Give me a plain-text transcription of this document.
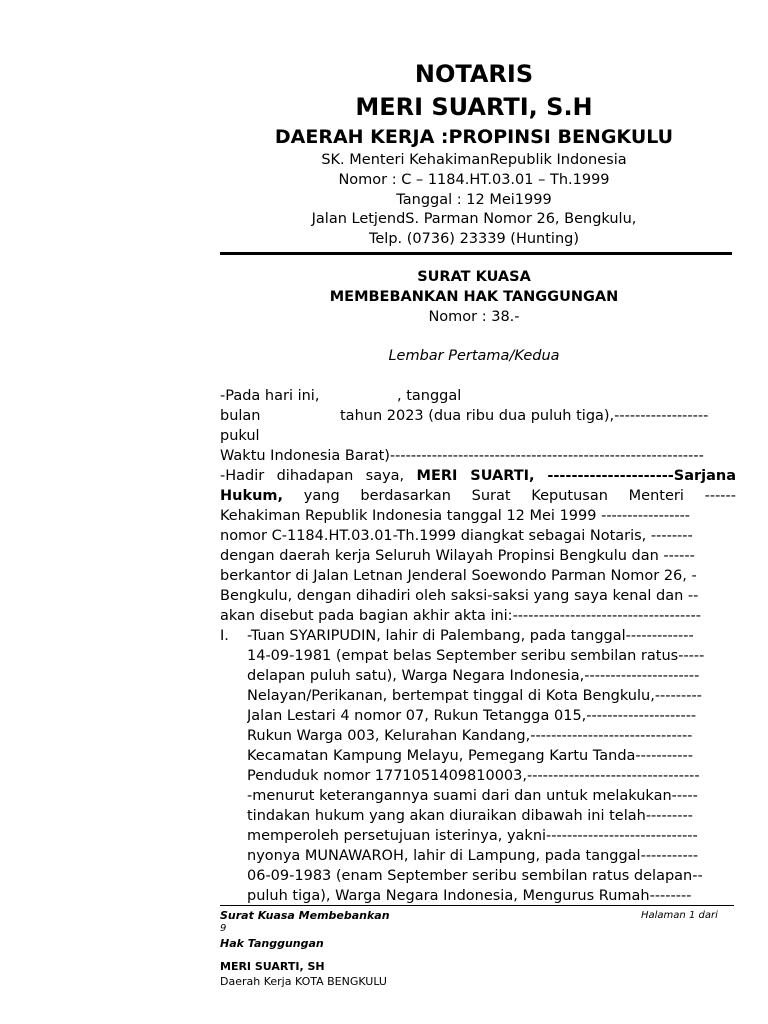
NOTARIS
MERI SUARTI, S.H
DAERAH KERJA :PROPINSI BENGKULU
SK. Menteri KehakimanRepublik Indonesia
Nomor : C – 1184.HT.03.01 – Th.1999
Tanggal : 12 Mei1999
Jalan LetjendS. Parman Nomor 26, Bengkulu,
Telp. (0736) 23339 (Hunting)
SURAT KUASA
MEMBEBANKAN HAK TANGGUNGAN
Nomor : 38.-
Lembar Pertama/Kedua
-Pada hari ini,	, tanggal
bulan	tahun 2023 (dua ribu dua puluh tiga),------------------
pukul
Waktu Indonesia Barat)------------------------------------------------------------
-Hadir dihadapan saya, MERI SUARTI, ---------------------Sarjana
Hukum, yang berdasarkan Surat Keputusan Menteri ------
Kehakiman Republik Indonesia tanggal 12 Mei 1999 -----------------
nomor C-1184.HT.03.01-Th.1999 diangkat sebagai Notaris, --------
dengan daerah kerja Seluruh Wilayah Propinsi Bengkulu dan ------
berkantor di Jalan Letnan Jenderal Soewondo Parman Nomor 26, -
Bengkulu, dengan dihadiri oleh saksi-saksi yang saya kenal dan --
akan disebut pada bagian akhir akta ini:------------------------------------
I.	-Tuan SYARIPUDIN, lahir di Palembang, pada tanggal-------------
14-09-1981 (empat belas September seribu sembilan ratus-----
delapan puluh satu), Warga Negara Indonesia,----------------------
Nelayan/Perikanan, bertempat tinggal di Kota Bengkulu,---------
Jalan Lestari 4 nomor 07, Rukun Tetangga 015,---------------------
Rukun Warga 003, Kelurahan Kandang,-------------------------------
Kecamatan Kampung Melayu, Pemegang Kartu Tanda-----------
Penduduk nomor 1771051409810003,---------------------------------
-menurut keterangannya suami dari dan untuk melakukan-----
tindakan hukum yang akan diuraikan dibawah ini telah---------
memperoleh persetujuan isterinya, yakni-----------------------------
nyonya MUNAWAROH, lahir di Lampung, pada tanggal-----------
06-09-1983 (enam September seribu sembilan ratus delapan--
puluh tiga), Warga Negara Indonesia, Mengurus Rumah--------
Surat Kuasa Membebankan	Halaman 1 dari
9
Hak Tanggungan
MERI SUARTI, SH
Daerah Kerja KOTA BENGKULU
